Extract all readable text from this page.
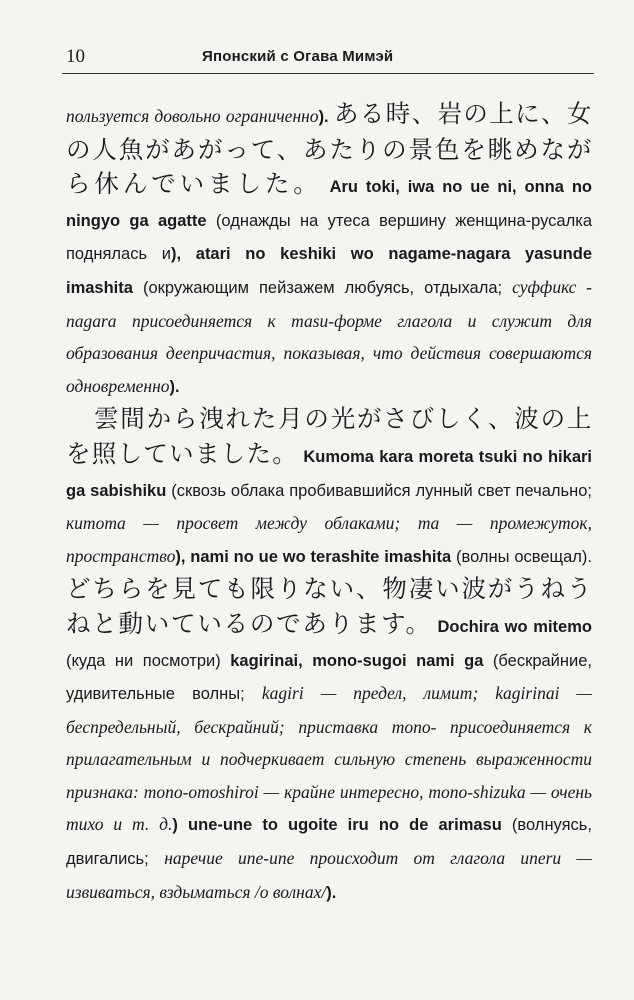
10	Японский с Огава Мимэй

пользуется довольно ограниченно). ある時、岩の上に、女の人魚があがって、あたりの景色を眺めながら休んでいました。 Aru toki, iwa no ue ni, onna no ningyo ga agatte (однажды на утеса вершину женщина-русалка поднялась и), atari no keshiki wo nagame-nagara yasunde imashita (окружающим пейзажем любуясь, отдыхала; суффикс -nagara присоединяется к таsu-форме глагола и служит для образования деепричастия, показывая, что действия совершаются одновременно).

雲間から洩れた月の光がさびしく、波の上を照していました。 Kumoma kara moreta tsuki no hikari ga sabishiku (сквозь облака пробивавшийся лунный свет печально; кumoma — просвет между облаками; ma — промежуток, пространство), nami no ue wo terashite imashita (волны освещал). どちらを見ても限りない、物凄い波がうねうねと動いているのであります。 Dochira wo mitemo (куда ни посмотри) kagirinai, mono-sugoi nami ga (бескрайние, удивительные волны; kagiri — предел, лимит; kagirinai — беспредельный, бескрайний; приставка топо- присоединяется к прилагательным и подчеркивает сильную степень выраженности признака: топо-omoshiroi — крайне интересно, топо-shizuka — очень тихо и т. д.) une-une to ugoite iru no de arimasu (волнуясь, двигались; наречие ипе-ипе происходит от глагола uneru — извиваться, вздыматься /о волнах/).
